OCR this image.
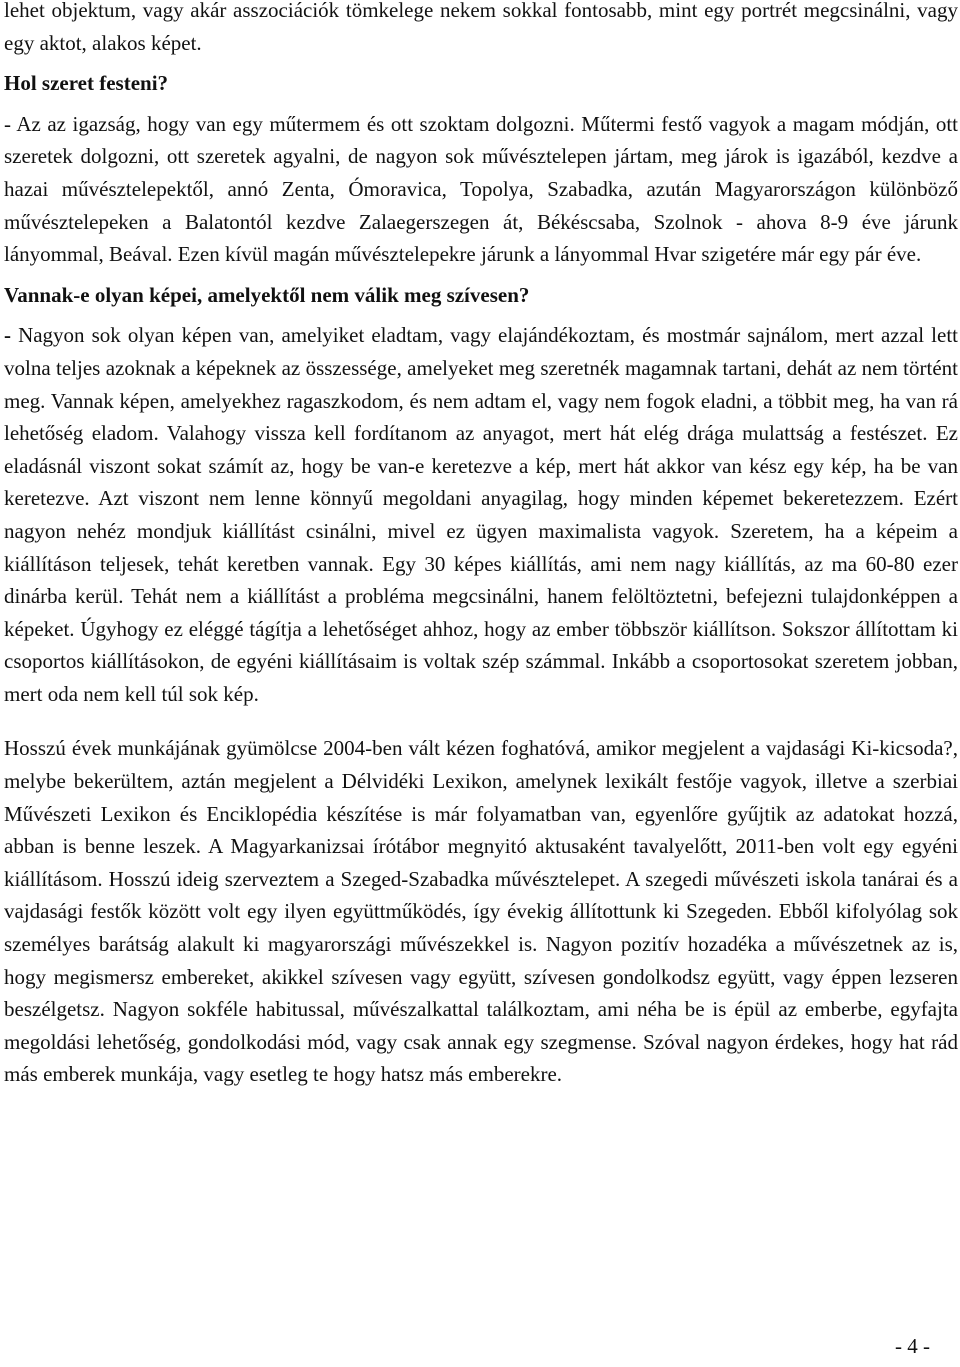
lehet objektum, vagy akár asszociációk tömkelege nekem sokkal fontosabb, mint egy portrét megcsinálni, vagy egy aktot, alakos képet.

Hol szeret festeni?

- Az az igazság, hogy van egy műtermem és ott szoktam dolgozni. Műtermi festő vagyok a magam módján, ott szeretek dolgozni, ott szeretek agyalni, de nagyon sok művésztelepen jártam, meg járok is igazából, kezdve a hazai művésztelepektől, annó Zenta, Ómoravica, Topolya, Szabadka, azután Magyarországon különböző művésztelepeken a Balatontól kezdve Zalaegerszegen át, Békéscsaba, Szolnok - ahova 8-9 éve járunk lányommal, Beával. Ezen kívül magán művésztelepekre járunk a lányommal Hvar szigetére már egy pár éve.

Vannak-e olyan képei, amelyektől nem válik meg szívesen?

- Nagyon sok olyan képen van, amelyiket eladtam, vagy elajándékoztam, és mostmár sajnálom, mert azzal lett volna teljes azoknak a képeknek az összessége, amelyeket meg szeretnék magamnak tartani, dehát az nem történt meg. Vannak képen, amelyekhez ragaszkodom, és nem adtam el, vagy nem fogok eladni, a többit meg, ha van rá lehetőség eladom. Valahogy vissza kell fordítanom az anyagot, mert hát elég drága mulattság a festészet. Ez eladásnál viszont sokat számít az, hogy be van-e keretezve a kép, mert hát akkor van kész egy kép, ha be van keretezve. Azt viszont nem lenne könnyű megoldani anyagilag, hogy minden képemet bekeretezzem. Ezért nagyon nehéz mondjuk kiállítást csinálni, mivel ez ügyen maximalista vagyok. Szeretem, ha a képeim a kiállításon teljesek, tehát keretben vannak. Egy 30 képes kiállítás, ami nem nagy kiállítás, az ma 60-80 ezer dinárba kerül. Tehát nem a kiállítást a probléma megcsinálni, hanem felöltöztetni, befejezni tulajdonképpen a képeket. Úgyhogy ez eléggé tágítja a lehetőséget ahhoz, hogy az ember többször kiállítson. Sokszor állítottam ki csoportos kiállításokon, de egyéni kiállításaim is voltak szép számmal. Inkább a csoportosokat szeretem jobban, mert oda nem kell túl sok kép.

Hosszú évek munkájának gyümölcse 2004-ben vált kézen foghatóvá, amikor megjelent a vajdasági Ki-kicsoda?, melybe bekerültem, aztán megjelent a Délvidéki Lexikon, amelynek lexikált festője vagyok, illetve a szerbiai Művészeti Lexikon és Enciklopédia készítése is már folyamatban van, egyenlőre gyűjtik az adatokat hozzá, abban is benne leszek. A Magyarkanizsai írótábor megnyitó aktusaként tavalyelőtt, 2011-ben volt egy egyéni kiállításom. Hosszú ideig szerveztem a Szeged-Szabadka művésztelepet. A szegedi művészeti iskola tanárai és a vajdasági festők között volt egy ilyen együttműködés, így évekig állítottunk ki Szegeden. Ebből kifolyólag sok személyes barátság alakult ki magyarországi művészekkel is. Nagyon pozitív hozadéka a művészetnek az is, hogy megismersz embereket, akikkel szívesen vagy együtt, szívesen gondolkodsz együtt, vagy éppen lezseren beszélgetsz. Nagyon sokféle habitussal, művészalkattal találkoztam, ami néha be is épül az emberbe, egyfajta megoldási lehetőség, gondolkodási mód, vagy csak annak egy szegmense. Szóval nagyon érdekes, hogy hat rád más emberek munkája, vagy esetleg te hogy hatsz más emberekre.

- 4 -
